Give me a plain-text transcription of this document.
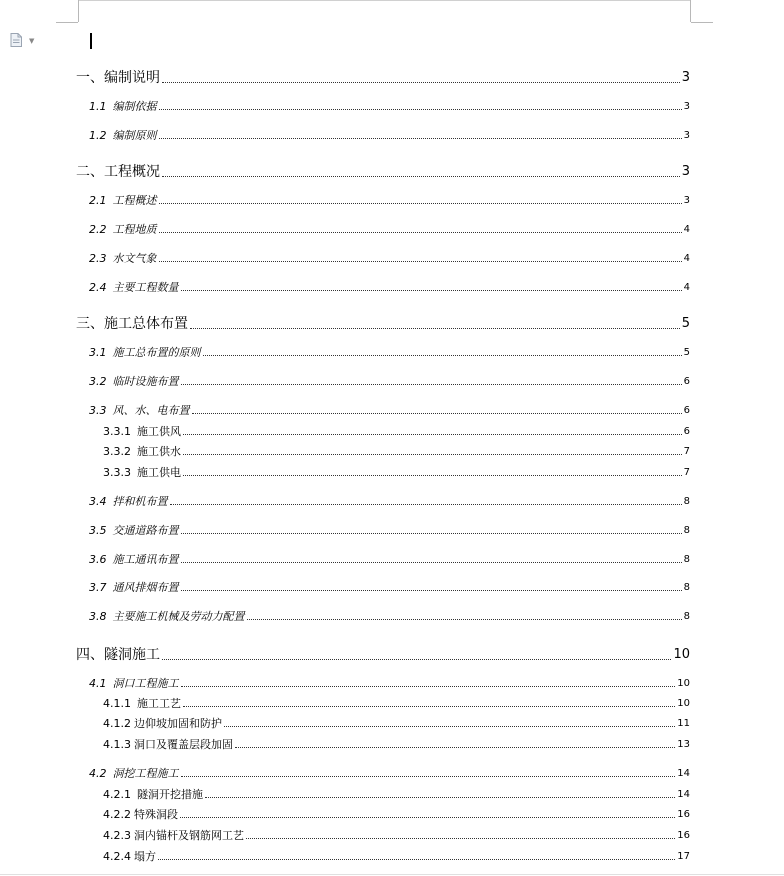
▼
一、编制说明	3
1.1 编制依据	3
1.2 编制原则	3
二、工程概况	3
2.1 工程概述	3
2.2 工程地质	4
2.3 水文气象	4
2.4 主要工程数量	4
三、施工总体布置	5
3.1 施工总布置的原则	5
3.2 临时设施布置	6
3.3 风、水、电布置	6
3.3.1 施工供风	6
3.3.2 施工供水	7
3.3.3 施工供电	7
3.4 拌和机布置	8
3.5 交通道路布置	8
3.6 施工通讯布置	8
3.7 通风排烟布置	8
3.8 主要施工机械及劳动力配置	8
四、隧洞施工	10
4.1 洞口工程施工	10
4.1.1 施工工艺	10
4.1.2 边仰坡加固和防护	11
4.1.3 洞口及覆盖层段加固	13
4.2 洞挖工程施工	14
4.2.1 隧洞开挖措施	14
4.2.2 特殊洞段	16
4.2.3 洞内锚杆及钢筋网工艺	16
4.2.4 塌方	17
